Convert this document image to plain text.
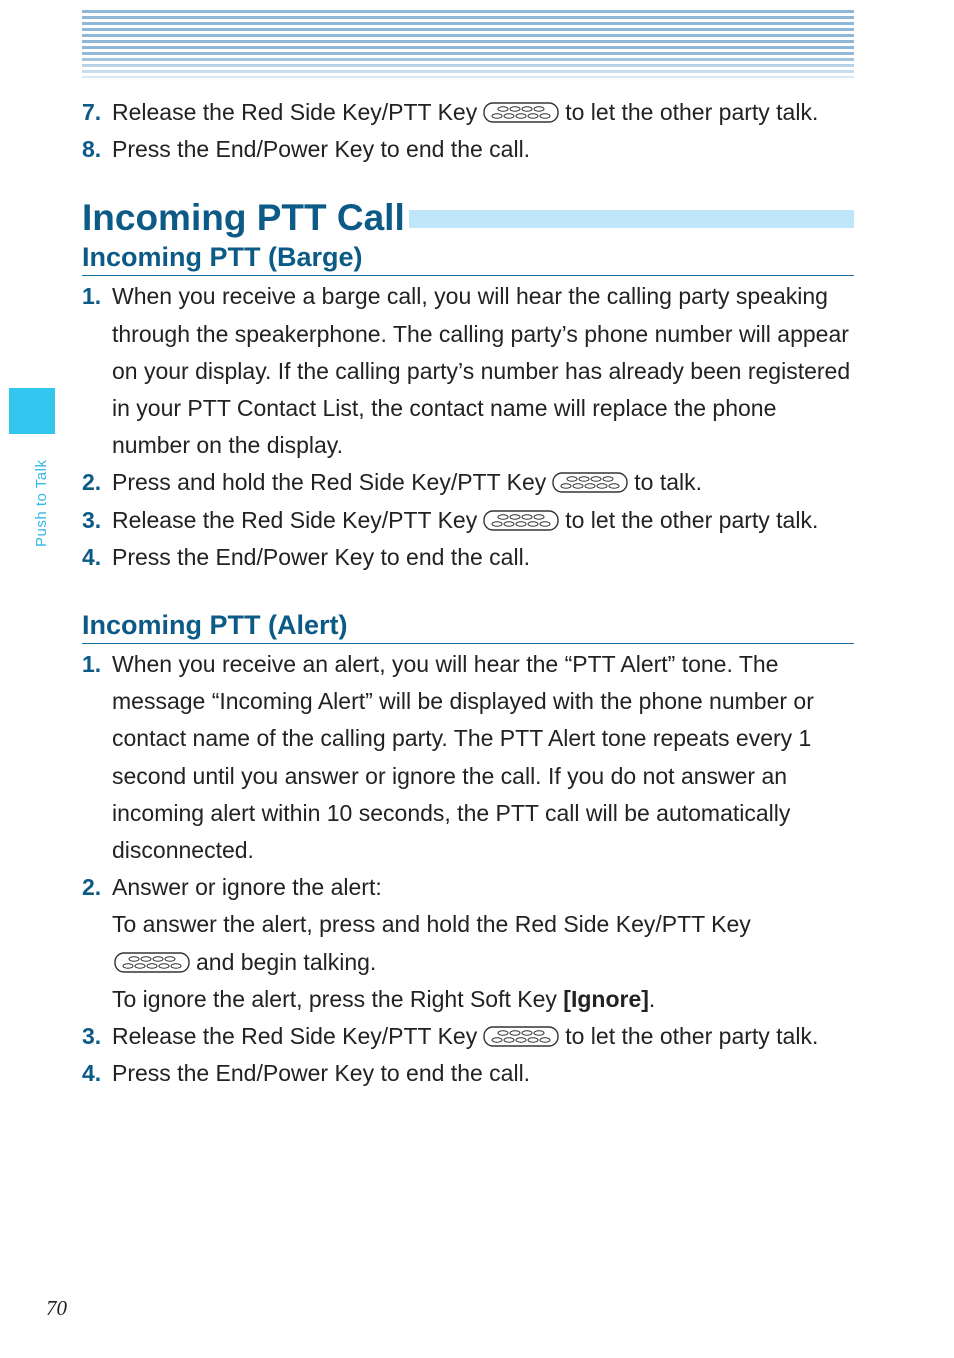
Push to Talk
7. Release the Red Side Key/PTT Key	to let the other party talk.
8. Press the End/Power Key to end the call.
Incoming PTT Call
Incoming PTT (Barge)
1. When you receive a barge call, you will hear the calling party speaking through the speakerphone. The calling party’s phone number will appear on your display. If the calling party’s number has already been registered in your PTT Contact List, the contact name will replace the phone number on the display.
2. Press and hold the Red Side Key/PTT Key	to talk.
3. Release the Red Side Key/PTT Key	to let the other party talk.
4. Press the End/Power Key to end the call.
Incoming PTT (Alert)
1. When you receive an alert, you will hear the “PTT Alert” tone. The message “Incoming Alert” will be displayed with the phone number or contact name of the calling party. The PTT Alert tone repeats every 1 second until you answer or ignore the call. If you do not answer an incoming alert within 10 seconds, the PTT call will be automatically disconnected.
2. Answer or ignore the alert:
To answer the alert, press and hold the Red Side Key/PTT Key

and begin talking.
To ignore the alert, press the Right Soft Key [Ignore].
3. Release the Red Side Key/PTT Key	to let the other party talk.
4. Press the End/Power Key to end the call.
70
